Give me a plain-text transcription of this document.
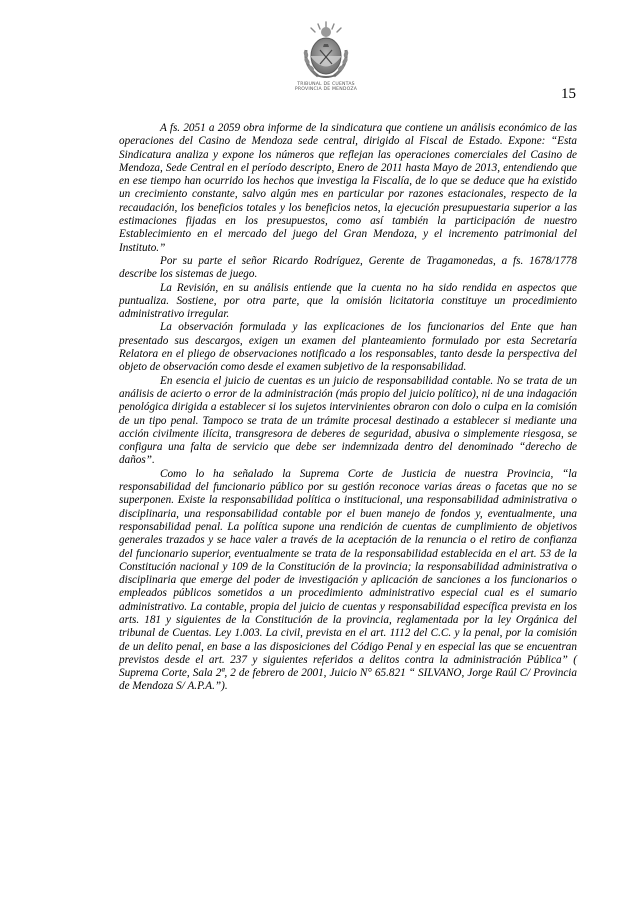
TRIBUNAL DE CUENTAS
PROVINCIA DE MENDOZA	15

A fs. 2051 a 2059 obra informe de la sindicatura que contiene un análisis económico de las operaciones del Casino de Mendoza sede central, dirigido al Fiscal de Estado. Expone: “Esta Sindicatura analiza y expone los números que reflejan las operaciones comerciales del Casino de Mendoza, Sede Central en el período descripto, Enero de 2011 hasta Mayo de 2013, entendiendo que en ese tiempo han ocurrido los hechos que investiga la Fiscalía, de lo que se deduce que ha existido un crecimiento constante, salvo algún mes en particular por razones estacionales, respecto de la recaudación, los beneficios totales y los beneficios netos, la ejecución presupuestaria superior a las estimaciones fijadas en los presupuestos, como así también la participación de nuestro Establecimiento en el mercado del juego del Gran Mendoza, y el incremento patrimonial del Instituto.”

Por su parte el señor Ricardo Rodríguez, Gerente de Tragamonedas, a fs. 1678/1778 describe los sistemas de juego.

La Revisión, en su análisis entiende que la cuenta no ha sido rendida en aspectos que puntualiza. Sostiene, por otra parte, que la omisión licitatoria constituye un procedimiento administrativo irregular.

La observación formulada y las explicaciones de los funcionarios del Ente que han presentado sus descargos, exigen un examen del planteamiento formulado por esta Secretaría Relatora en el pliego de observaciones notificado a los responsables, tanto desde la perspectiva del objeto de observación como desde el examen subjetivo de la responsabilidad.

En esencia el juicio de cuentas es un juicio de responsabilidad contable. No se trata de un análisis de acierto o error de la administración (más propio del juicio político), ni de una indagación penológica dirigida a establecer si los sujetos intervinientes obraron con dolo o culpa en la comisión de un tipo penal. Tampoco se trata de un trámite procesal destinado a establecer si mediante una acción civilmente ilícita, transgresora de deberes de seguridad, abusiva o simplemente riesgosa, se configura una falta de servicio que debe ser indemnizada dentro del denominado “derecho de daños”.

Como lo ha señalado la Suprema Corte de Justicia de nuestra Provincia, “la responsabilidad del funcionario público por su gestión reconoce varias áreas o facetas que no se superponen. Existe la responsabilidad política o institucional, una responsabilidad administrativa o disciplinaria, una responsabilidad contable por el buen manejo de fondos y, eventualmente, una responsabilidad penal. La política supone una rendición de cuentas de cumplimiento de objetivos generales trazados y se hace valer a través de la aceptación de la renuncia o el retiro de confianza del funcionario superior, eventualmente se trata de la responsabilidad establecida en el art. 53 de la Constitución nacional y 109 de la Constitución de la provincia; la responsabilidad administrativa o disciplinaria que emerge del poder de investigación y aplicación de sanciones a los funcionarios o empleados públicos sometidos a un procedimiento administrativo especial cual es el sumario administrativo. La contable, propia del juicio de cuentas y responsabilidad específica prevista en los arts. 181 y siguientes de la Constitución de la provincia, reglamentada por la ley Orgánica del tribunal de Cuentas. Ley 1.003. La civil, prevista en el art. 1112 del C.C. y la penal, por la comisión de un delito penal, en base a las disposiciones del Código Penal y en especial las que se encuentran previstos desde el art. 237 y siguientes referidos a delitos contra la administración Pública” ( Suprema Corte, Sala 2ª, 2 de febrero de 2001, Juicio N° 65.821 “ SILVANO, Jorge Raúl C/ Provincia de Mendoza S/ A.P.A.”).
